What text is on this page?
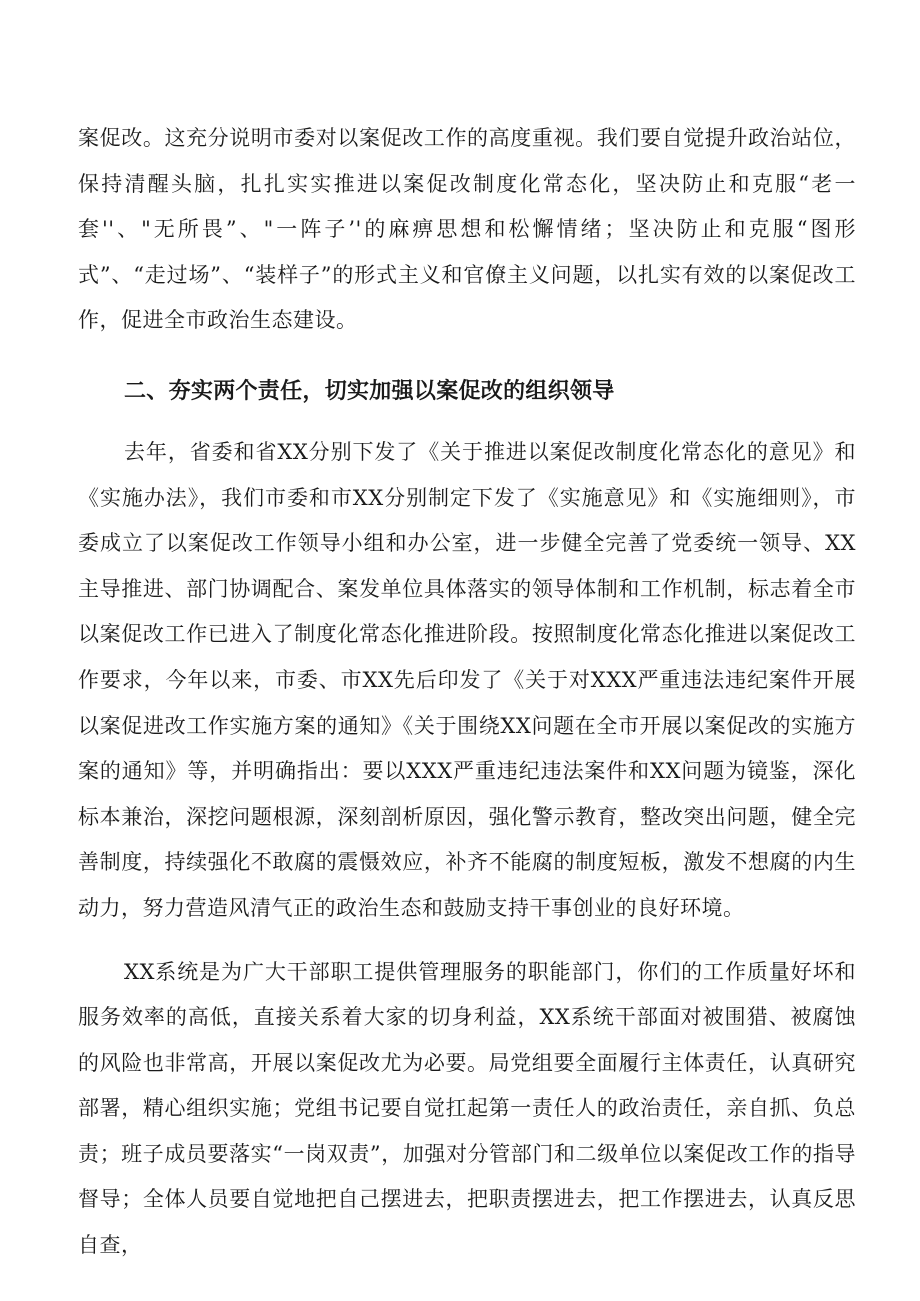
案促改。这充分说明市委对以案促改工作的高度重视。我们要自觉提升政治站位，保持清醒头脑，扎扎实实推进以案促改制度化常态化，坚决防止和克服“老一套''、"无所畏”、"一阵子’'的麻痹思想和松懈情绪；坚决防止和克服“图形式”、“走过场”、“装样子”的形式主义和官僚主义问题，以扎实有效的以案促改工作，促进全市政治生态建设。

二、夯实两个责任，切实加强以案促改的组织领导

去年，省委和省XX分别下发了《关于推进以案促改制度化常态化的意见》和《实施办法》，我们市委和市XX分别制定下发了《实施意见》和《实施细则》，市委成立了以案促改工作领导小组和办公室，进一步健全完善了党委统一领导、XX主导推进、部门协调配合、案发单位具体落实的领导体制和工作机制，标志着全市以案促改工作已进入了制度化常态化推进阶段。按照制度化常态化推进以案促改工作要求，今年以来，市委、市XX先后印发了《关于对XXX严重违法违纪案件开展以案促进改工作实施方案的通知》《关于围绕XX问题在全市开展以案促改的实施方案的通知》等，并明确指出：要以XXX严重违纪违法案件和XX问题为镜鉴，深化标本兼治，深挖问题根源，深刻剖析原因，强化警示教育，整改突出问题，健全完善制度，持续强化不敢腐的震慑效应，补齐不能腐的制度短板，激发不想腐的内生动力，努力营造风清气正的政治生态和鼓励支持干事创业的良好环境。

XX系统是为广大干部职工提供管理服务的职能部门，你们的工作质量好坏和服务效率的高低，直接关系着大家的切身利益，XX系统干部面对被围猎、被腐蚀的风险也非常高，开展以案促改尤为必要。局党组要全面履行主体责任，认真研究部署，精心组织实施；党组书记要自觉扛起第一责任人的政治责任，亲自抓、负总责；班子成员要落实“一岗双责”，加强对分管部门和二级单位以案促改工作的指导督导；全体人员要自觉地把自己摆进去，把职责摆进去，把工作摆进去，认真反思自查，
